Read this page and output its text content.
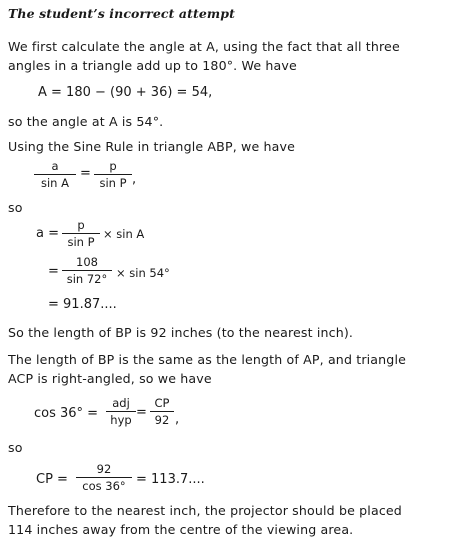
The student’s incorrect attempt
We first calculate the angle at A, using the fact that all three
angles in a triangle add up to 180°. We have
A = 180 − (90 + 36) = 54,
so the angle at A is 54°.
Using the Sine Rule in triangle ABP, we have
a
sin A
=	p
sin P ,
so
a =
p
sin P
× sin A
=
108
sin 72° × sin 54°
= 91.87....
So the length of BP is 92 inches (to the nearest inch).
The length of BP is the same as the length of AP, and triangle
ACP is right-angled, so we have
cos 36° =
adj
hyp =
CP
92 ,
so
CP =
92
cos 36° = 113.7....
Therefore to the nearest inch, the projector should be placed
114 inches away from the centre of the viewing area.
